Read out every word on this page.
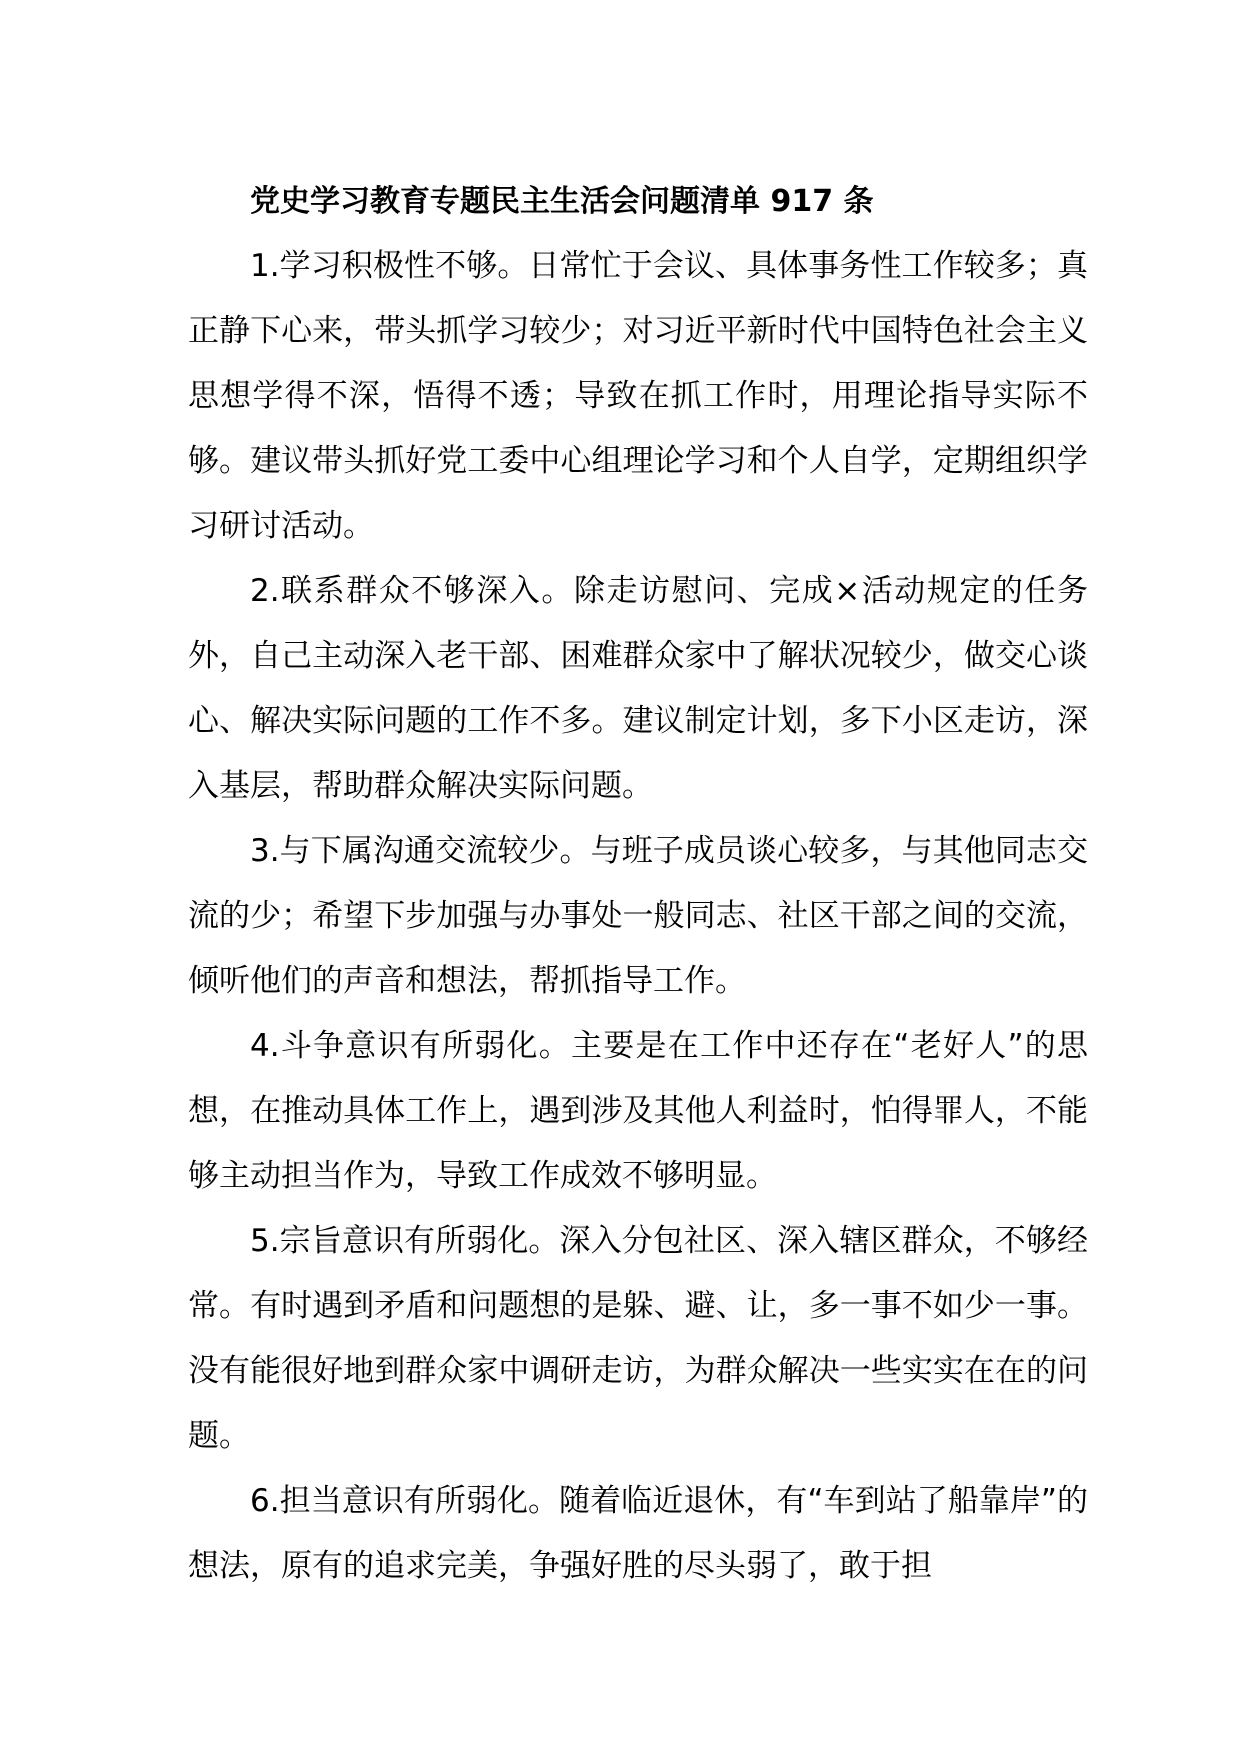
党史学习教育专题民主生活会问题清单 917 条

1.学习积极性不够。日常忙于会议、具体事务性工作较多；真正静下心来，带头抓学习较少；对习近平新时代中国特色社会主义思想学得不深，悟得不透；导致在抓工作时，用理论指导实际不够。建议带头抓好党工委中心组理论学习和个人自学，定期组织学习研讨活动。

2.联系群众不够深入。除走访慰问、完成×活动规定的任务外，自己主动深入老干部、困难群众家中了解状况较少，做交心谈心、解决实际问题的工作不多。建议制定计划，多下小区走访，深入基层，帮助群众解决实际问题。

3.与下属沟通交流较少。与班子成员谈心较多，与其他同志交流的少；希望下步加强与办事处一般同志、社区干部之间的交流，倾听他们的声音和想法，帮抓指导工作。

4.斗争意识有所弱化。主要是在工作中还存在“老好人”的思想，在推动具体工作上，遇到涉及其他人利益时，怕得罪人，不能够主动担当作为，导致工作成效不够明显。

5.宗旨意识有所弱化。深入分包社区、深入辖区群众，不够经常。有时遇到矛盾和问题想的是躲、避、让，多一事不如少一事。没有能很好地到群众家中调研走访，为群众解决一些实实在在的问题。

6.担当意识有所弱化。随着临近退休，有“车到站了船靠岸”的想法，原有的追求完美，争强好胜的尽头弱了，敢于担
